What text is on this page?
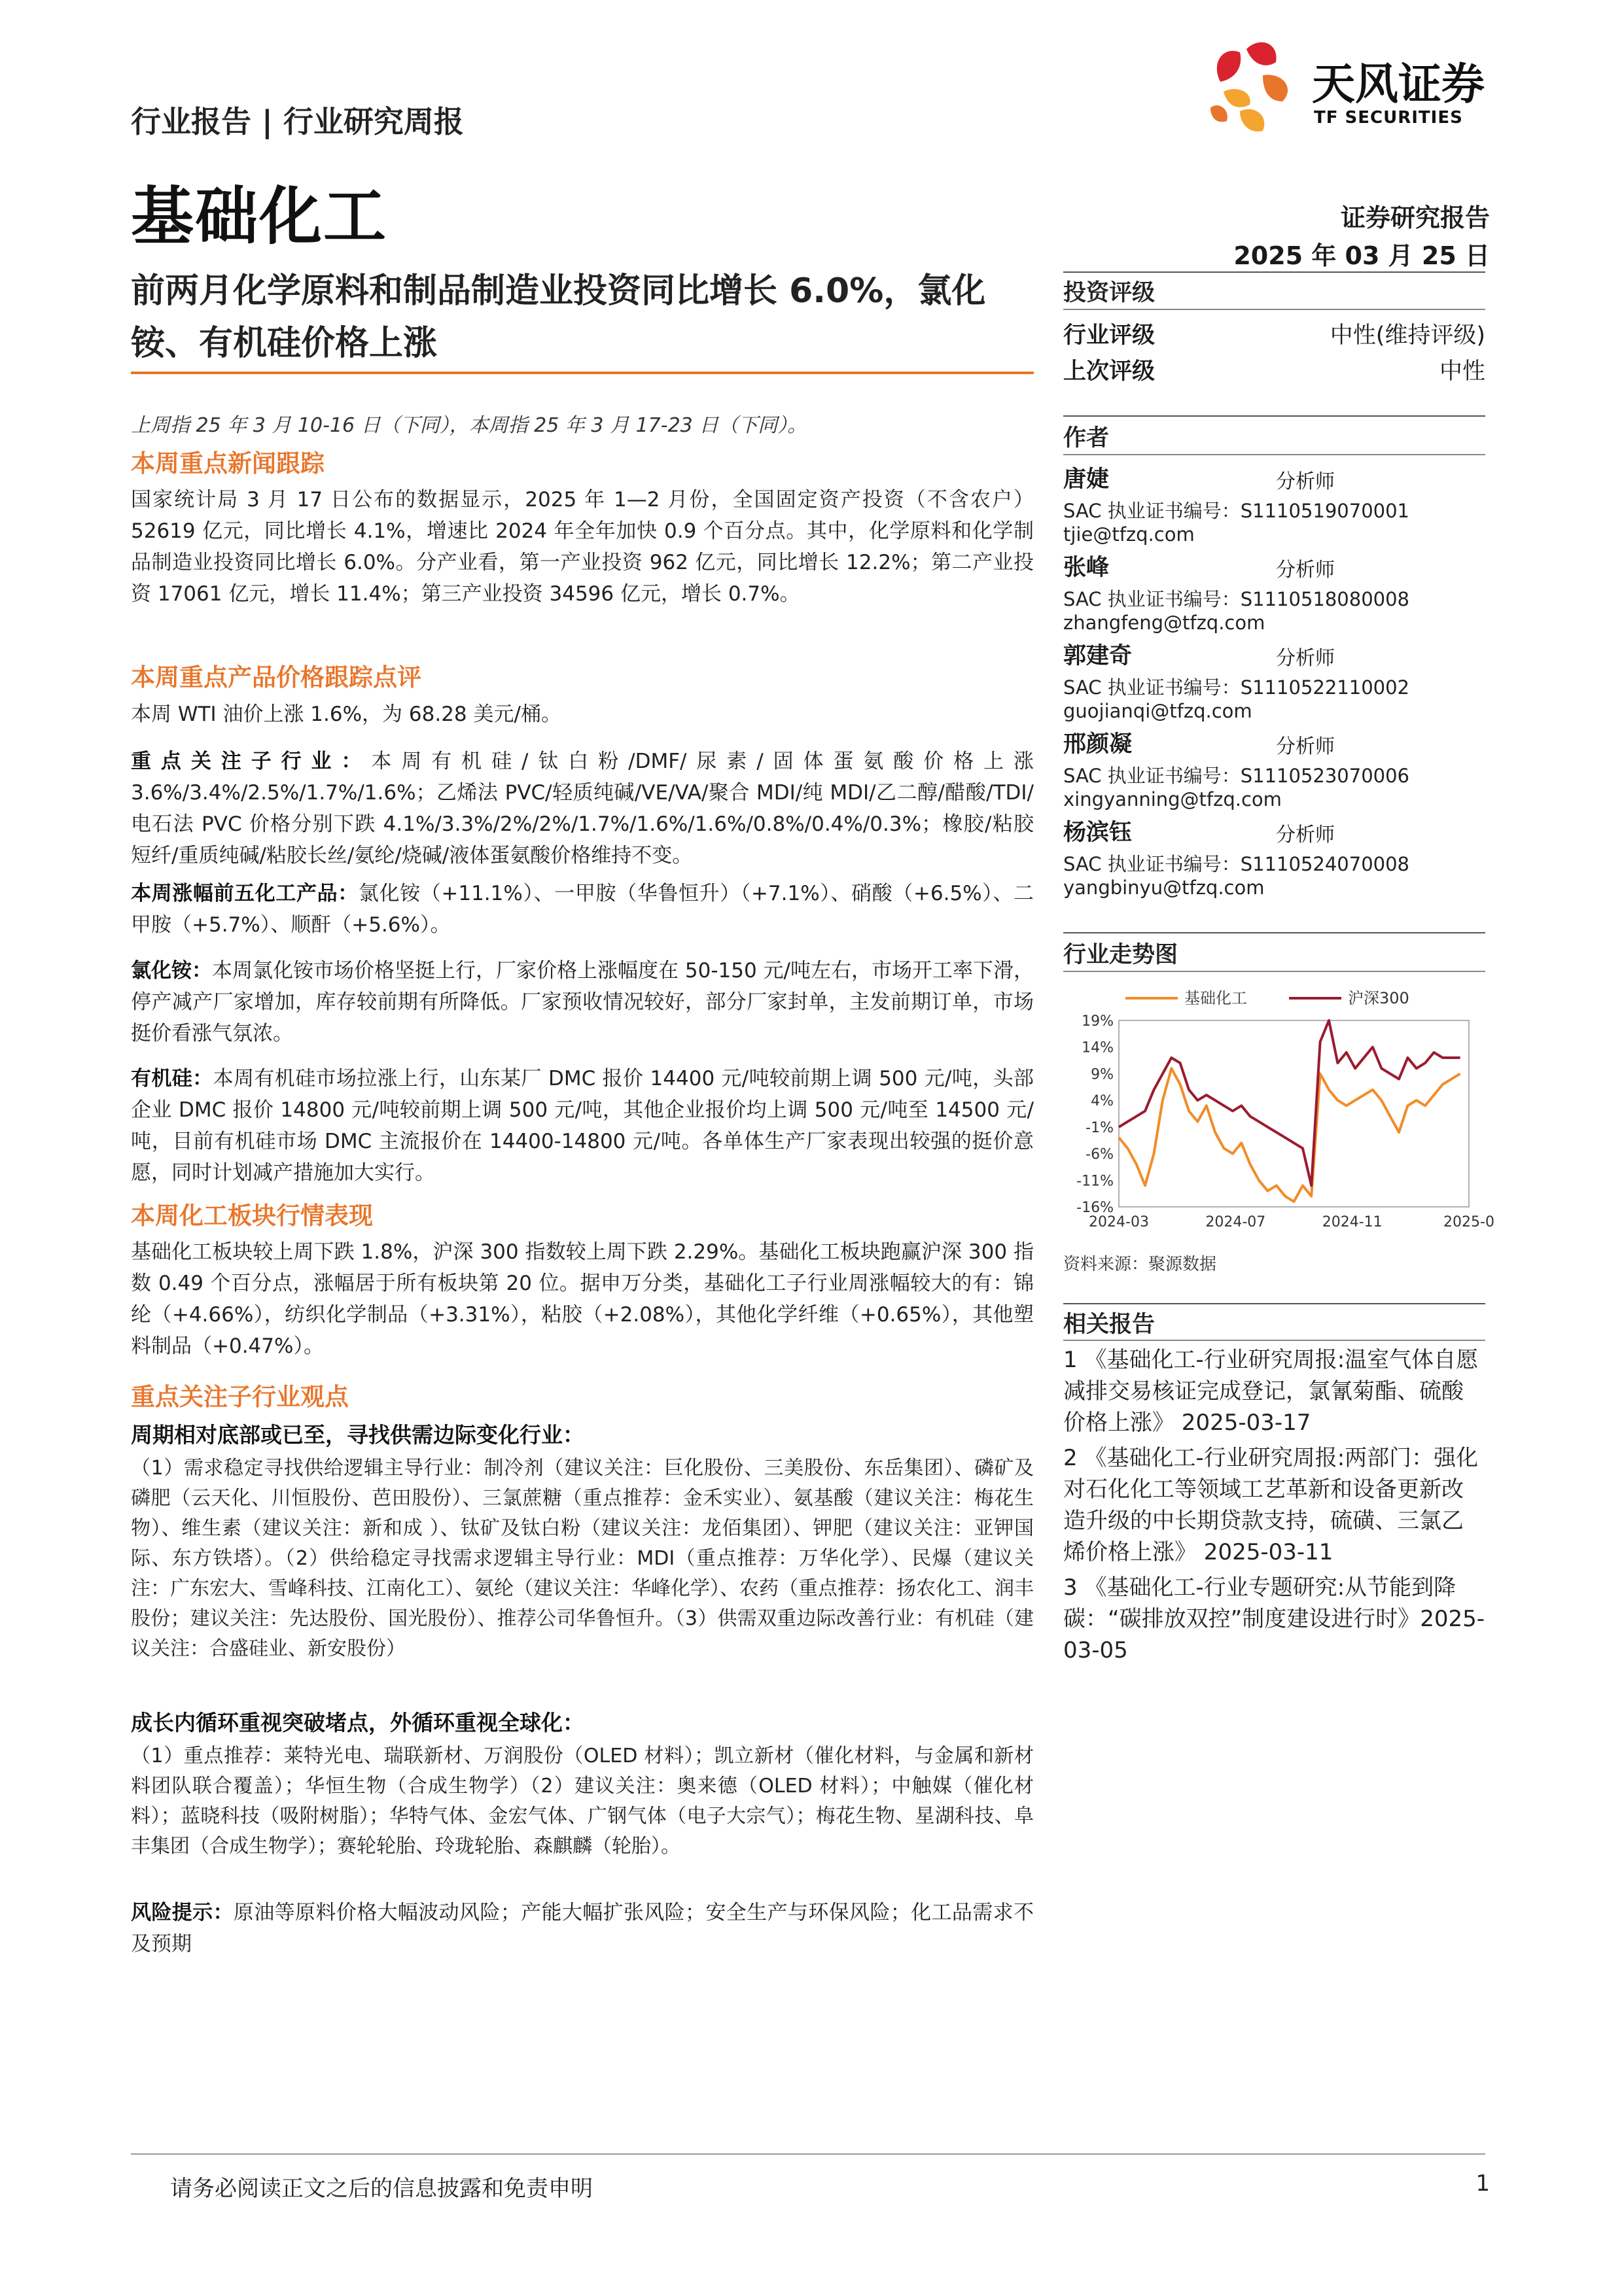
行业报告 | 行业研究周报
基础化工
天风证券
TF SECURITIES
证券研究报告
2025 年 03 月 25 日
前两月化学原料和制品制造业投资同比增长 6.0%，氯化铵、有机硅价格上涨
上周指 25 年 3 月 10-16 日（下同），本周指 25 年 3 月 17-23 日（下同）。
本周重点新闻跟踪
国家统计局 3 月 17 日公布的数据显示，2025 年 1—2 月份，全国固定资产投资（不含农户）52619 亿元，同比增长 4.1%，增速比 2024 年全年加快 0.9 个百分点。其中，化学原料和化学制品制造业投资同比增长 6.0%。分产业看，第一产业投资 962 亿元，同比增长 12.2%；第二产业投资 17061 亿元，增长 11.4%；第三产业投资 34596 亿元，增长 0.7%。
本周重点产品价格跟踪点评
本周 WTI 油价上涨 1.6%，为 68.28 美元/桶。
重点关注子行业：本周有机硅/钛白粉/DMF/尿素/固体蛋氨酸价格上涨 3.6%/3.4%/2.5%/1.7%/1.6%；乙烯法 PVC/轻质纯碱/VE/VA/聚合 MDI/纯 MDI/乙二醇/醋酸/TDI/电石法 PVC 价格分别下跌 4.1%/3.3%/2%/2%/1.7%/1.6%/1.6%/0.8%/0.4%/0.3%；橡胶/粘胶短纤/重质纯碱/粘胶长丝/氨纶/烧碱/液体蛋氨酸价格维持不变。
本周涨幅前五化工产品：氯化铵（+11.1%）、一甲胺（华鲁恒升）（+7.1%）、硝酸（+6.5%）、二甲胺（+5.7%）、顺酐（+5.6%）。
氯化铵：本周氯化铵市场价格坚挺上行，厂家价格上涨幅度在 50-150 元/吨左右，市场开工率下滑，停产减产厂家增加，库存较前期有所降低。厂家预收情况较好，部分厂家封单，主发前期订单，市场挺价看涨气氛浓。
有机硅：本周有机硅市场拉涨上行，山东某厂 DMC 报价 14400 元/吨较前期上调 500 元/吨，头部企业 DMC 报价 14800 元/吨较前期上调 500 元/吨，其他企业报价均上调 500 元/吨至 14500 元/吨，目前有机硅市场 DMC 主流报价在 14400-14800 元/吨。各单体生产厂家表现出较强的挺价意愿，同时计划减产措施加大实行。
本周化工板块行情表现
基础化工板块较上周下跌 1.8%，沪深 300 指数较上周下跌 2.29%。基础化工板块跑赢沪深 300 指数 0.49 个百分点，涨幅居于所有板块第 20 位。据申万分类，基础化工子行业周涨幅较大的有：锦纶（+4.66%），纺织化学制品（+3.31%），粘胶（+2.08%），其他化学纤维（+0.65%），其他塑料制品（+0.47%）。
重点关注子行业观点
周期相对底部或已至，寻找供需边际变化行业：
（1）需求稳定寻找供给逻辑主导行业：制冷剂（建议关注：巨化股份、三美股份、东岳集团）、磷矿及磷肥（云天化、川恒股份、芭田股份）、三氯蔗糖（重点推荐：金禾实业）、氨基酸（建议关注：梅花生物）、维生素（建议关注：新和成 ）、钛矿及钛白粉（建议关注：龙佰集团）、钾肥（建议关注：亚钾国际、东方铁塔）。（2）供给稳定寻找需求逻辑主导行业：MDI（重点推荐：万华化学）、民爆（建议关注：广东宏大、雪峰科技、江南化工）、氨纶（建议关注：华峰化学）、农药（重点推荐：扬农化工、润丰股份；建议关注：先达股份、国光股份）、推荐公司华鲁恒升。（3）供需双重边际改善行业：有机硅（建议关注：合盛硅业、新安股份）
成长内循环重视突破堵点，外循环重视全球化：
（1）重点推荐：莱特光电、瑞联新材、万润股份（OLED 材料）；凯立新材（催化材料，与金属和新材料团队联合覆盖）；华恒生物（合成生物学）（2）建议关注：奥来德（OLED 材料）；中触媒（催化材料）；蓝晓科技（吸附树脂）；华特气体、金宏气体、广钢气体（电子大宗气）；梅花生物、星湖科技、阜丰集团（合成生物学）；赛轮轮胎、玲珑轮胎、森麒麟（轮胎）。
风险提示：原油等原料价格大幅波动风险；产能大幅扩张风险；安全生产与环保风险；化工品需求不及预期
投资评级
行业评级	中性(维持评级)
上次评级	中性
作者
唐婕	分析师
SAC 执业证书编号：S1110519070001
tjie@tfzq.com
张峰	分析师
SAC 执业证书编号：S1110518080008
zhangfeng@tfzq.com
郭建奇	分析师
SAC 执业证书编号：S1110522110002
guojianqi@tfzq.com
邢颜凝	分析师
SAC 执业证书编号：S1110523070006
xingyanning@tfzq.com
杨滨钰	分析师
SAC 执业证书编号：S1110524070008
yangbinyu@tfzq.com
行业走势图
19%
14%
9%
4%
-1%
-6%
-11%
-16%
2024-03	2024-07	2024-11	2025-0
基础化工	沪深300
资料来源：聚源数据
相关报告

1 《基础化工-行业研究周报:温室气体自愿减排交易核证完成登记，氯氰菊酯、硫酸价格上涨》 2025-03-17

2 《基础化工-行业研究周报:两部门：强化对石化化工等领域工艺革新和设备更新改造升级的中长期贷款支持，硫磺、三氯乙烯价格上涨》 2025-03-11

3 《基础化工-行业专题研究:从节能到降碳：“碳排放双控”制度建设进行时》2025-03-05

请务必阅读正文之后的信息披露和免责申明	1
